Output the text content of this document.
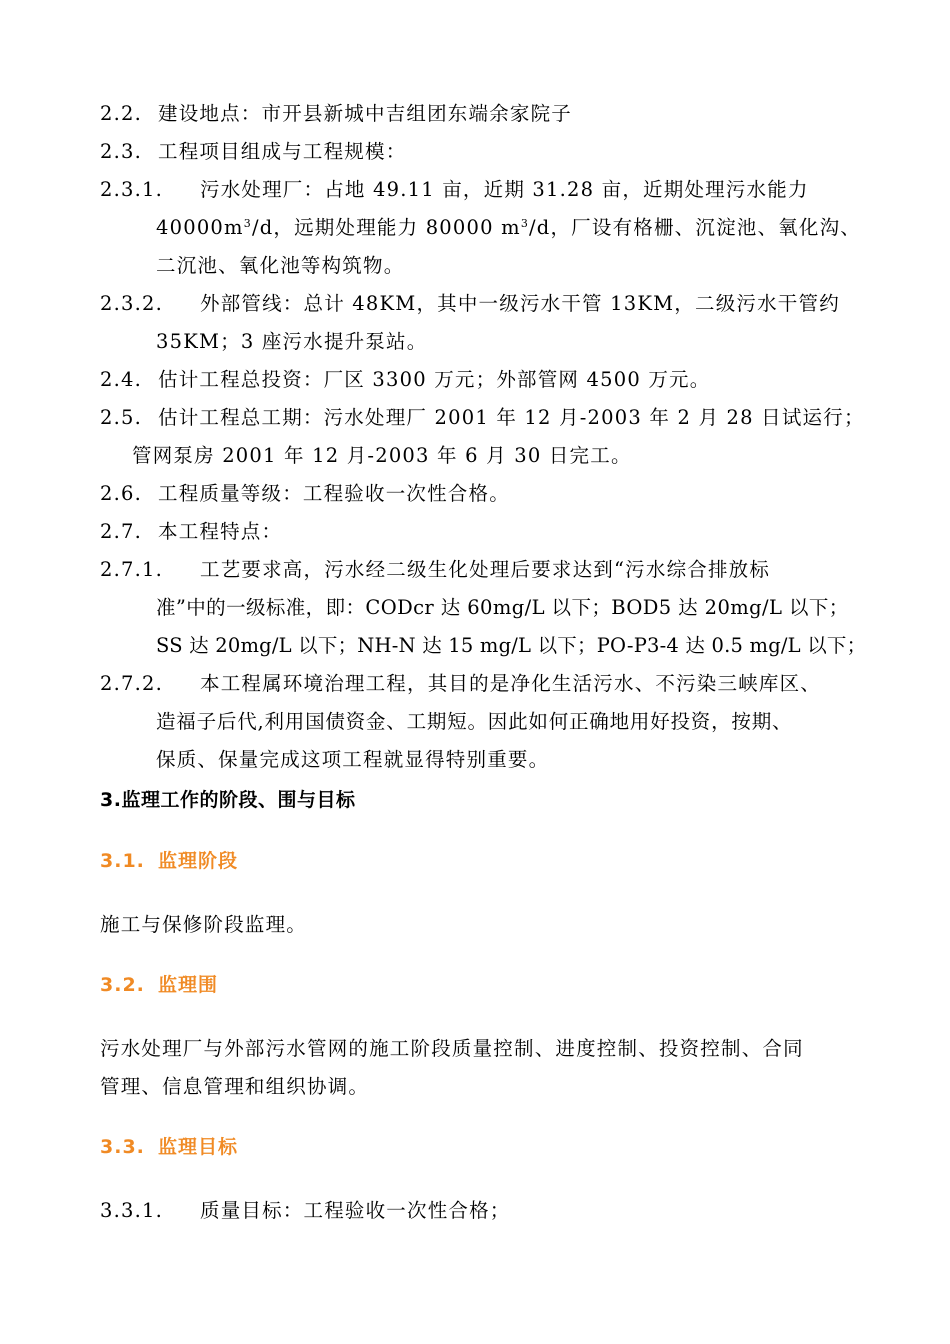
2.2. 建设地点：市开县新城中吉组团东端余家院子
2.3. 工程项目组成与工程规模：
2.3.1. 污水处理厂：占地 49.11 亩，近期 31.28 亩，近期处理污水能力
$40000m^3/d$，远期处理能力 80000 $m^3/d$，厂设有格栅、沉淀池、氧化沟、
二沉池、氧化池等构筑物。
2.3.2. 外部管线：总计 48KM，其中一级污水干管 13KM，二级污水干管约
35KM；3 座污水提升泵站。
2.4. 估计工程总投资：厂区 3300 万元；外部管网 4500 万元。
2.5. 估计工程总工期：污水处理厂 2001 年 12 月-2003 年 2 月 28 日试运行；
管网泵房 2001 年 12 月-2003 年 6 月 30 日完工。
2.6. 工程质量等级：工程验收一次性合格。
2.7. 本工程特点：
2.7.1. 工艺要求高，污水经二级生化处理后要求达到“污水综合排放标
准”中的一级标准，即：CODcr 达 60mg/L 以下；BOD5 达 20mg/L 以下；
SS 达 20mg/L 以下；NH-N 达 15 mg/L 以下；PO-P3-4 达 0.5 mg/L 以下；
2.7.2. 本工程属环境治理工程，其目的是净化生活污水、不污染三峡库区、
造福子后代,利用国债资金、工期短。因此如何正确地用好投资，按期、
保质、保量完成这项工程就显得特别重要。
3.监理工作的阶段、围与目标
3.1. 监理阶段
施工与保修阶段监理。
3.2. 监理围
污水处理厂与外部污水管网的施工阶段质量控制、进度控制、投资控制、合同
管理、信息管理和组织协调。
3.3. 监理目标
3.3.1. 质量目标：工程验收一次性合格；
